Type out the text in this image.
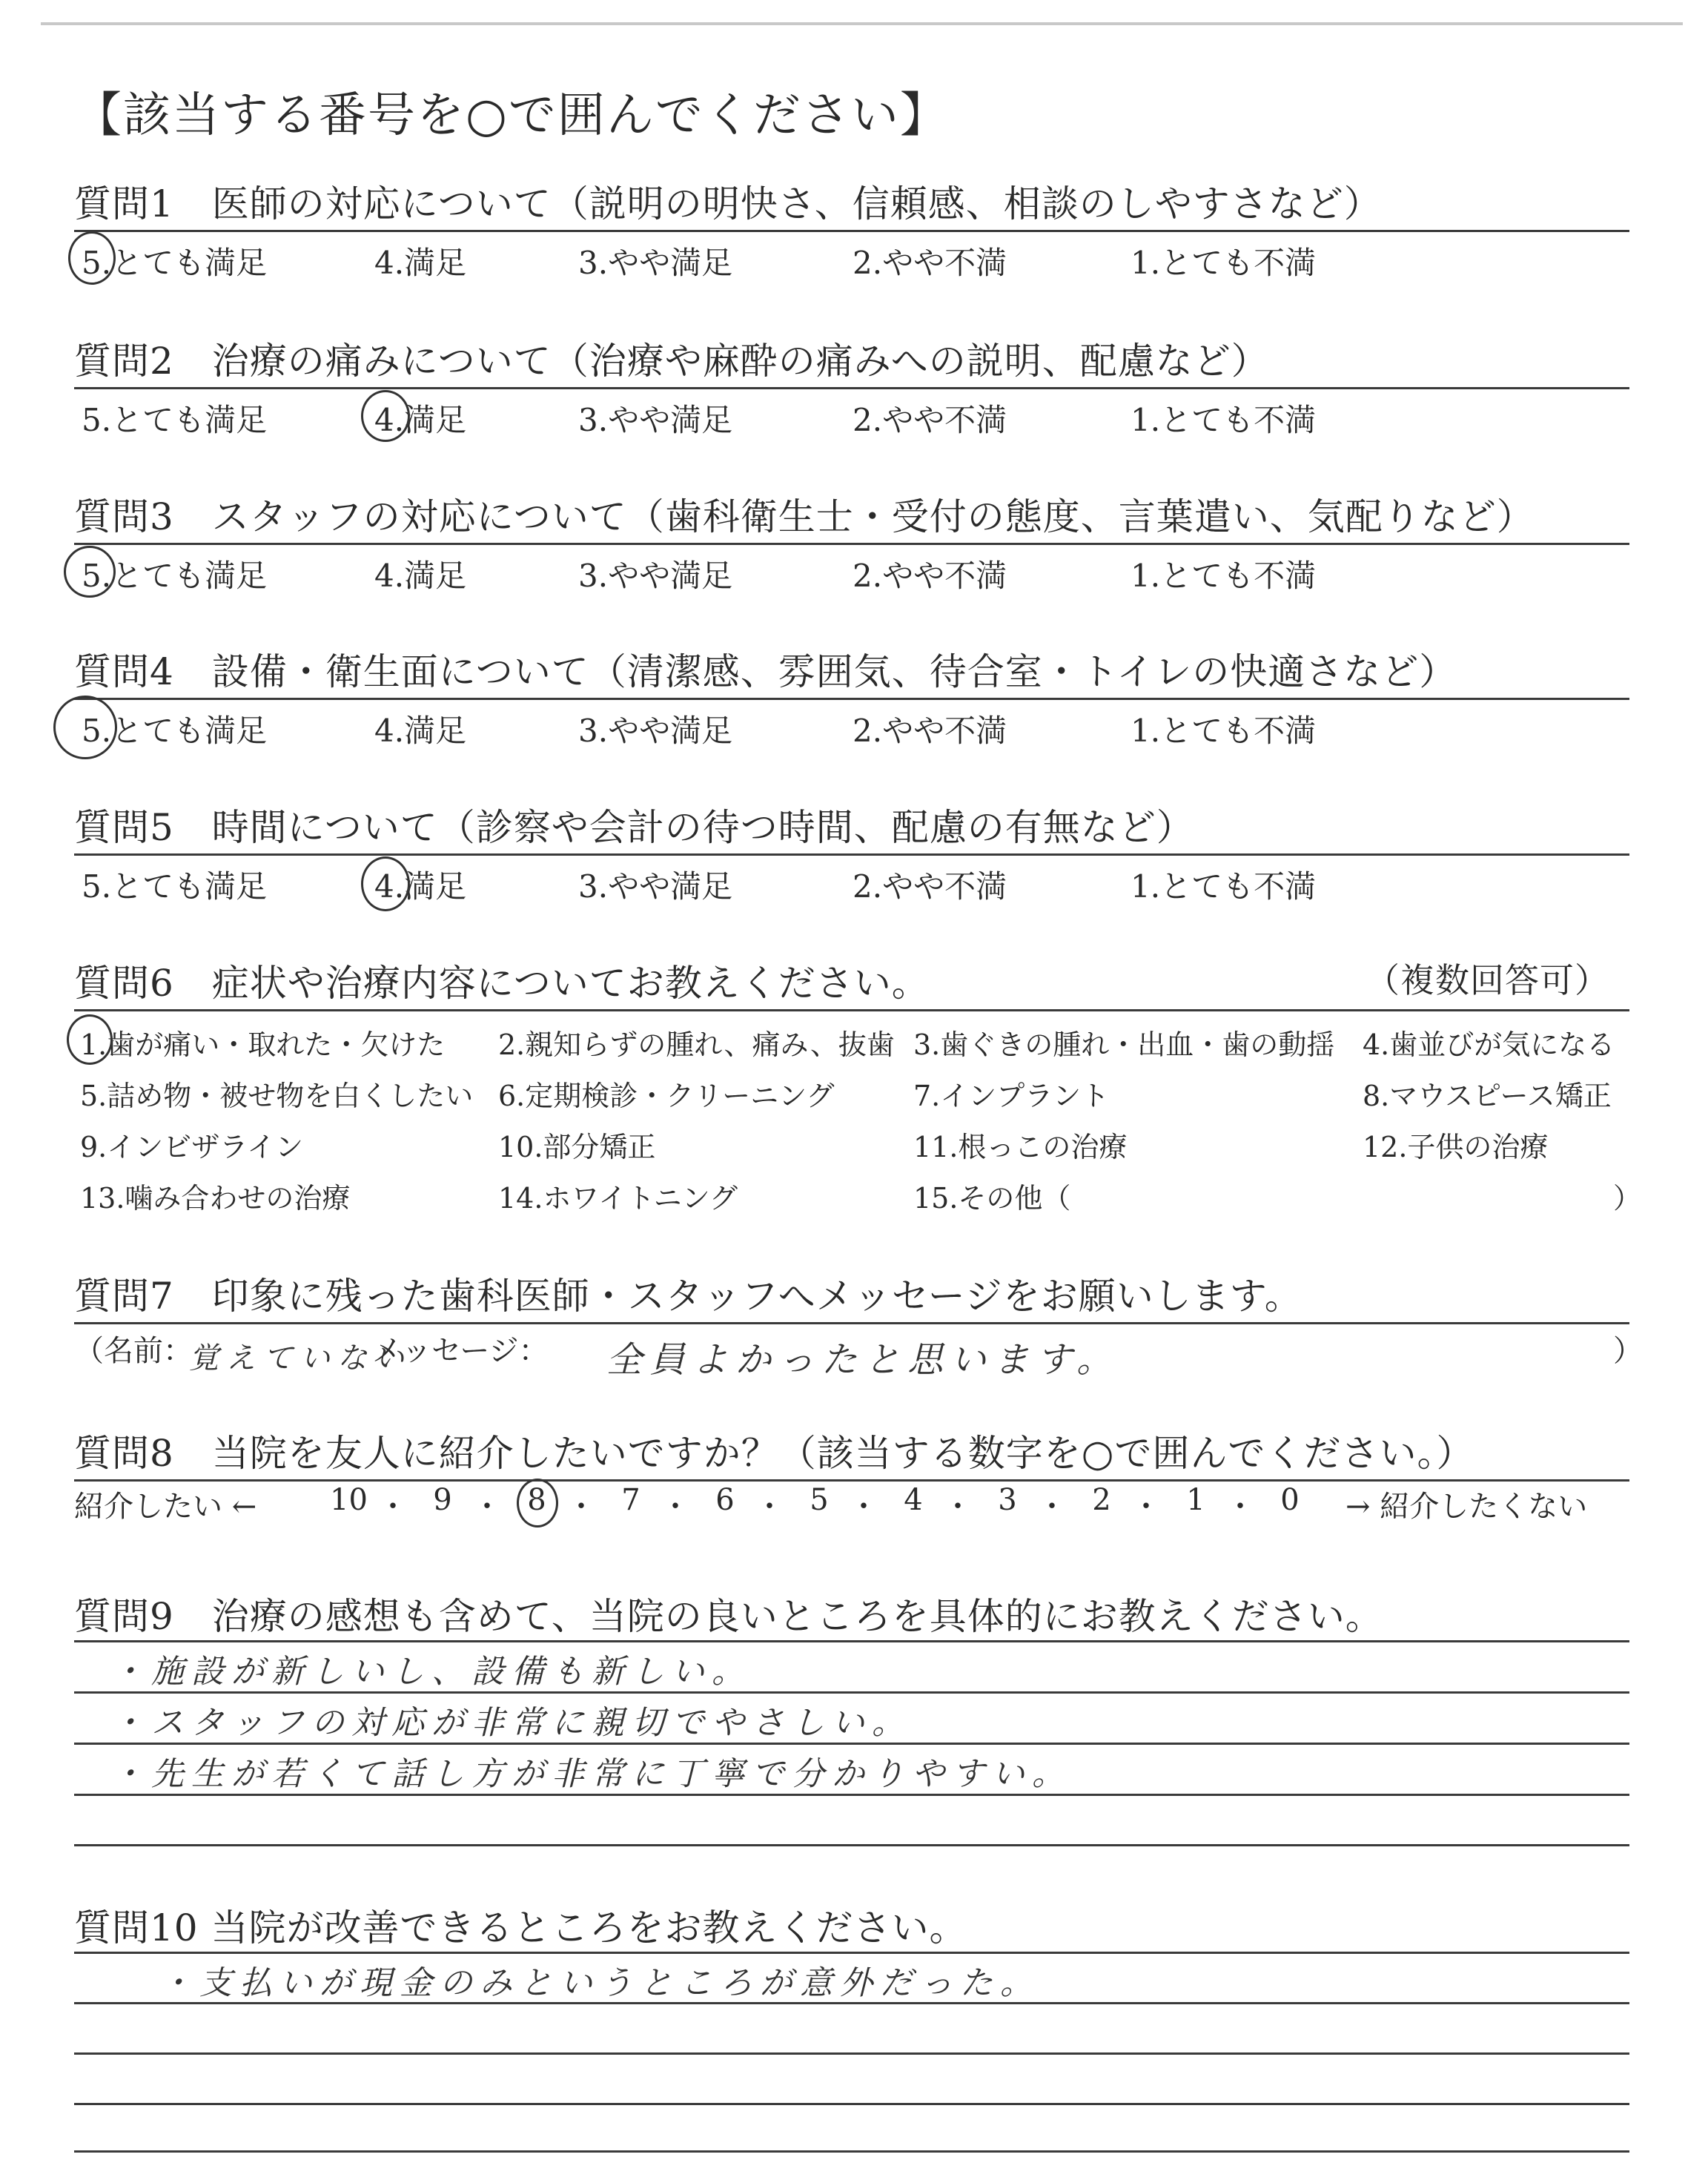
【該当する番号を○で囲んでください】
質問1　医師の対応について（説明の明快さ、信頼感、相談のしやすさなど）
5.とても満足	4.満足	3.やや満足	2.やや不満	1.とても不満
質問2　治療の痛みについて（治療や麻酔の痛みへの説明、配慮など）
5.とても満足	4.満足	3.やや満足	2.やや不満	1.とても不満
質問3　スタッフの対応について（歯科衛生士・受付の態度、言葉遣い、気配りなど）
5.とても満足	4.満足	3.やや満足	2.やや不満	1.とても不満
質問4　設備・衛生面について（清潔感、雰囲気、待合室・トイレの快適さなど）
5.とても満足	4.満足	3.やや満足	2.やや不満	1.とても不満
質問5　時間について（診察や会計の待つ時間、配慮の有無など）
5.とても満足	4.満足	3.やや満足	2.やや不満	1.とても不満
質問6　症状や治療内容についてお教えください。	（複数回答可）
1.歯が痛い・取れた・欠けた 2.親知らずの腫れ、痛み、抜歯 3.歯ぐきの腫れ・出血・歯の動揺 4.歯並びが気になる
5.詰め物・被せ物を白くしたい 6.定期検診・クリーニング	7.インプラント	8.マウスピース矯正
9.インビザライン	10.部分矯正	11.根っこの治療	12.子供の治療
13.噛み合わせの治療	14.ホワイトニング	15.その他（	）
質問7　印象に残った歯科医師・スタッフへメッセージをお願いします。
（名前：
覚えていない
メッセージ： 全員よかったと思います。	）
質問8　当院を友人に紹介したいですか？（該当する数字を○で囲んでください。）
紹介したい ← 10 ・ 9 ・ 8 ・ 7 ・ 6 ・ 5 ・ 4 ・ 3 ・ 2 ・ 1 ・ 0	→ 紹介したくない
質問9　治療の感想も含めて、当院の良いところを具体的にお教えください。
・施設が新しいし、設備も新しい。
・スタッフの対応が非常に親切でやさしい。
・先生が若くて話し方が非常に丁寧で分かりやすい。
質問10 当院が改善できるところをお教えください。
・支払いが現金のみというところが意外だった。
